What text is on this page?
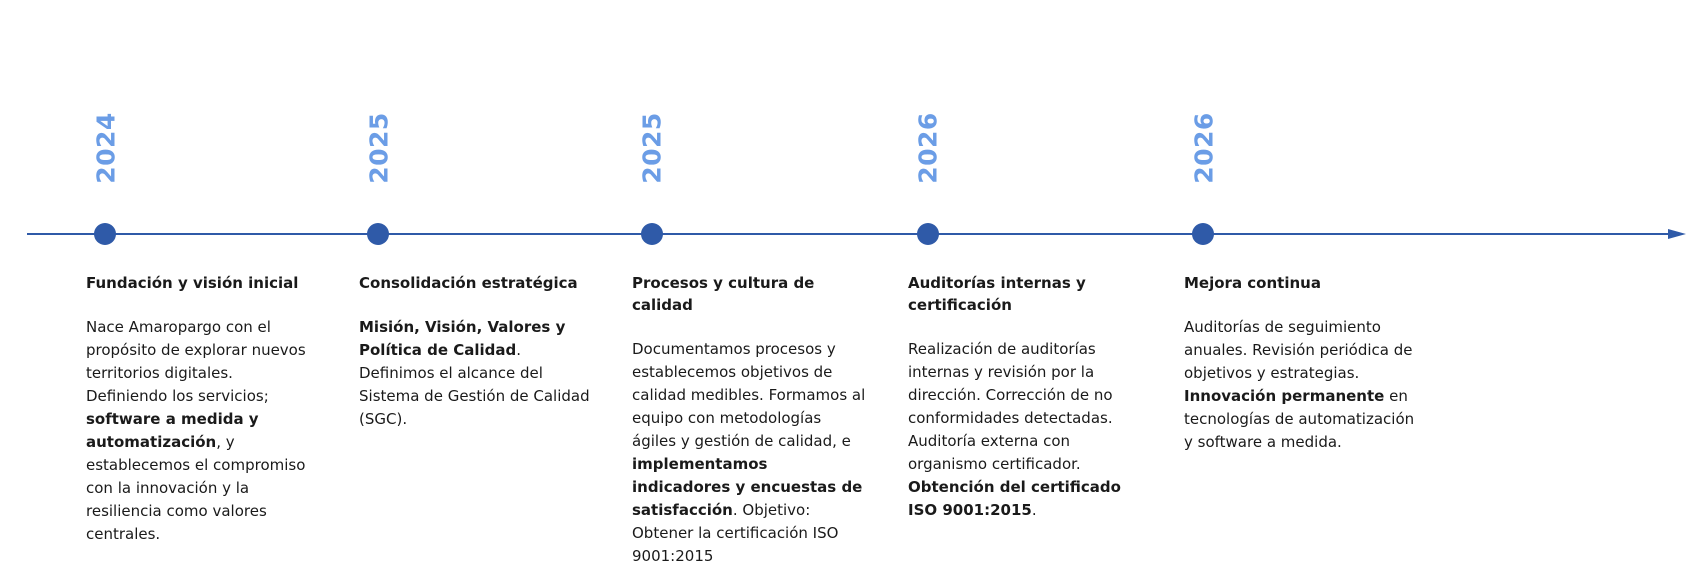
2024
Fundación y visión inicial

Nace Amaropargo con el propósito de explorar nuevos territorios digitales. Definiendo los servicios; software a medida y automatización, y establecemos el compromiso con la innovación y la resiliencia como valores centrales.

2025
Consolidación estratégica

Misión, Visión, Valores y Política de Calidad. Definimos el alcance del Sistema de Gestión de Calidad (SGC).

2025
Procesos y cultura de calidad

Documentamos procesos y establecemos objetivos de calidad medibles. Formamos al equipo con metodologías ágiles y gestión de calidad, e implementamos indicadores y encuestas de satisfacción. Objetivo: Obtener la certificación ISO 9001:2015

2026
Auditorías internas y certificación

Realización de auditorías internas y revisión por la dirección. Corrección de no conformidades detectadas. Auditoría externa con organismo certificador. Obtención del certificado ISO 9001:2015.

2026
Mejora continua

Auditorías de seguimiento anuales. Revisión periódica de objetivos y estrategias. Innovación permanente en tecnologías de automatización y software a medida.
